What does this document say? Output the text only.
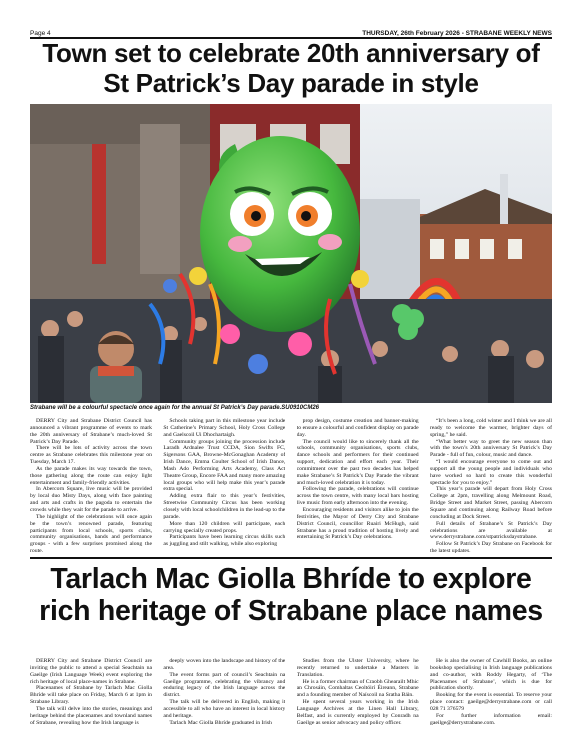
Page 4	THURSDAY, 26th February 2026 - STRABANE WEEKLY NEWS
Town set to celebrate 20th anniversary of St Patrick’s Day parade in style

Strabane will be a colourful spectacle once again for the annual St Patrick’s Day parade.SU0910CM26

DERRY City and Strabane District Council has announced a vibrant programme of events to mark the 20th anniversary of Strabane’s much-loved St Patrick’s Day Parade.

There will be lots of activity across the town centre as Strabane celebrates this milestone year on Tuesday, March 17.

As the parade makes its way towards the town, those gathering along the route can enjoy light entertainment and family-friendly activities.

In Abercorn Square, live music will be provided by local duo Misty Days, along with face painting and arts and crafts in the pagoda to entertain the crowds while they wait for the parade to arrive.

The highlight of the celebrations will once again be the town’s renowned parade, featuring participants from local schools, sports clubs, community organisations, bands and performance groups - with a few surprises promised along the route.

Schools taking part in this milestone year include St Catherine’s Primary School, Holy Cross College and Gaelscoil Ui Dhochartaigh.

Community groups joining the procession include Laradh Ardnalee Trust CCDA, Sion Swifts FC, Sigersons GAA, Browne-McGonaghan Academy of Irish Dance, Emma Coulter School of Irish Dance, Mash Ado Performing Arts Academy, Class Act Theatre Group, Encore FAA and many more amazing local groups who will help make this year’s parade extra special.

Adding extra flair to this year’s festivities, Streetwise Community Circus has been working closely with local schoolchildren in the lead-up to the parade.

More than 120 children will participate, each carrying specially created props.

Participants have been learning circus skills such as juggling and stilt walking, while also exploring

prop design, costume creation and banner-making to ensure a colourful and confident display on parade day.

The council would like to sincerely thank all the schools, community organisations, sports clubs, dance schools and performers for their continued support, dedication and effort each year. Their commitment over the past two decades has helped make Strabane’s St Patrick’s Day Parade the vibrant and much-loved celebration it is today.

Following the parade, celebrations will continue across the town centre, with many local bars hosting live music from early afternoon into the evening.

Encouraging residents and visitors alike to join the festivities, the Mayor of Derry City and Strabane District Council, councillor Ruairi McHugh, said Strabane has a proud tradition of hosting lively and entertaining St Patrick’s Day celebrations.

“It’s been a long, cold winter and I think we are all ready to welcome the warmer, brighter days of spring,” he said.

“What better way to greet the new season than with the town’s 20th anniversary St Patrick’s Day Parade - full of fun, colour, music and dance.

“I would encourage everyone to come out and support all the young people and individuals who have worked so hard to create this wonderful spectacle for you to enjoy.”

This year’s parade will depart from Holy Cross College at 2pm, travelling along Melmount Road, Bridge Street and Market Street, passing Abercorn Square and continuing along Railway Road before concluding at Dock Street.

Full details of Strabane’s St Patrick’s Day celebrations are available at www.derrystrabane.com/stpatricksdaystrabane.

Follow St Patrick’s Day Strabane on Facebook for the latest updates.

Tarlach Mac Giolla Bhríde to explore rich heritage of Strabane place names

DERRY City and Strabane District Council are inviting the public to attend a special Seachtain na Gaeilge (Irish Language Week) event exploring the rich heritage of local place-names in Strabane.

Placenames of Strabane by Tarlach Mac Giolla Bhríde will take place on Friday, March 6 at 1pm in Strabane Library.

The talk will delve into the stories, meanings and heritage behind the placenames and townland names of Strabane, revealing how the Irish language is

deeply woven into the landscape and history of the area.

The event forms part of council’s Seachtain na Gaeilge programme, celebrating the vibrancy and enduring legacy of the Irish language across the district.

The talk will be delivered in English, making it accessible to all who have an interest in local history and heritage.

Tarlach Mac Giolla Bhríde graduated in Irish

Studies from the Ulster University, where he recently returned to undertake a Masters in Translation.

He is a former chairman of Craobh Ghearailt Mhic an Chrosáin, Comhaltas Ceoltóirí Éireann, Strabane and a founding member of Naíscoil na Sratha Báin.

He spent several years working in the Irish Language Archives at the Linen Hall Library, Belfast, and is currently employed by Conradh na Gaeilge as senior advocacy and policy officer.

He is also the owner of Cawhill Books, an online bookshop specialising in Irish language publications and co-author, with Roddy Hegarty, of ‘The Placenames of Strabane’, which is due for publication shortly.

Booking for the event is essential. To reserve your place contact: gaeilge@derrystrabane.com or call 028 71 376579

For further information email: gaeilge@derrystrabane.com.
